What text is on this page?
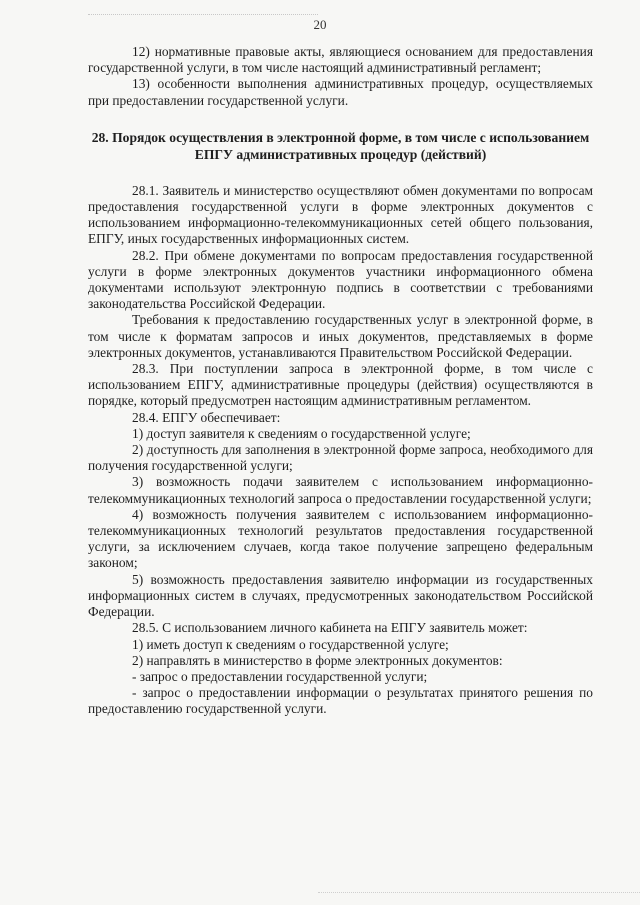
20

12) нормативные правовые акты, являющиеся основанием для предоставления государственной услуги, в том числе настоящий административный регламент;

13) особенности выполнения административных процедур, осуществляемых при предоставлении государственной услуги.

28. Порядок осуществления в электронной форме, в том числе с использованием ЕПГУ административных процедур (действий)

28.1. Заявитель и министерство осуществляют обмен документами по вопросам предоставления государственной услуги в форме электронных документов с использованием информационно-телекоммуникационных сетей общего пользования, ЕПГУ, иных государственных информационных систем.

28.2. При обмене документами по вопросам предоставления государственной услуги в форме электронных документов участники информационного обмена документами используют электронную подпись в соответствии с требованиями законодательства Российской Федерации.

Требования к предоставлению государственных услуг в электронной форме, в том числе к форматам запросов и иных документов, представляемых в форме электронных документов, устанавливаются Правительством Российской Федерации.

28.3. При поступлении запроса в электронной форме, в том числе с использованием ЕПГУ, административные процедуры (действия) осуществляются в порядке, который предусмотрен настоящим административным регламентом.

28.4. ЕПГУ обеспечивает:

1) доступ заявителя к сведениям о государственной услуге;

2) доступность для заполнения в электронной форме запроса, необходимого для получения государственной услуги;

3) возможность подачи заявителем с использованием информационно-телекоммуникационных технологий запроса о предоставлении государственной услуги;

4) возможность получения заявителем с использованием информационно-телекоммуникационных технологий результатов предоставления государственной услуги, за исключением случаев, когда такое получение запрещено федеральным законом;

5) возможность предоставления заявителю информации из государственных информационных систем в случаях, предусмотренных законодательством Российской Федерации.

28.5. С использованием личного кабинета на ЕПГУ заявитель может:

1) иметь доступ к сведениям о государственной услуге;

2) направлять в министерство в форме электронных документов:

- запрос о предоставлении государственной услуги;

- запрос о предоставлении информации о результатах принятого решения по предоставлению государственной услуги.
